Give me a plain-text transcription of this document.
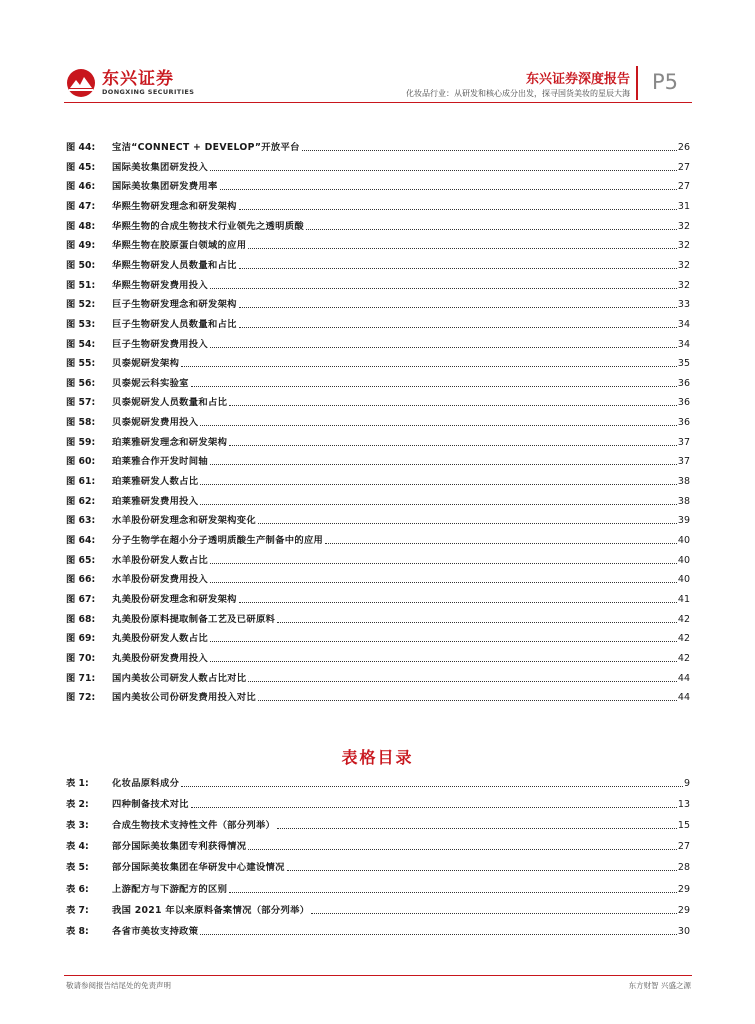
东兴证券
DONGXING SECURITIES
东兴证券深度报告
化妆品行业：从研发和核心成分出发，探寻国货美妆的星辰大海 P5
图 44:	宝洁“CONNECT + DEVELOP”开放平台	26
图 45:	国际美妆集团研发投入	27
图 46:	国际美妆集团研发费用率	27
图 47:	华熙生物研发理念和研发架构	31
图 48:	华熙生物的合成生物技术行业领先之透明质酸	32
图 49:	华熙生物在胶原蛋白领域的应用	32
图 50:	华熙生物研发人员数量和占比	32
图 51:	华熙生物研发费用投入	32
图 52:	巨子生物研发理念和研发架构	33
图 53:	巨子生物研发人员数量和占比	34
图 54:	巨子生物研发费用投入	34
图 55:	贝泰妮研发架构	35
图 56:	贝泰妮云科实验室	36
图 57:	贝泰妮研发人员数量和占比	36
图 58:	贝泰妮研发费用投入	36
图 59:	珀莱雅研发理念和研发架构	37
图 60:	珀莱雅合作开发时间轴	37
图 61:	珀莱雅研发人数占比	38
图 62:	珀莱雅研发费用投入	38
图 63:	水羊股份研发理念和研发架构变化	39
图 64:	分子生物学在超小分子透明质酸生产制备中的应用	40
图 65:	水羊股份研发人数占比	40
图 66:	水羊股份研发费用投入	40
图 67:	丸美股份研发理念和研发架构	41
图 68:	丸美股份原料提取制备工艺及已研原料	42
图 69:	丸美股份研发人数占比	42
图 70:	丸美股份研发费用投入	42
图 71:	国内美妆公司研发人数占比对比	44
图 72:	国内美妆公司份研发费用投入对比	44
表格目录
表 1:	化妆品原料成分	9
表 2:	四种制备技术对比	13
表 3:	合成生物技术支持性文件（部分列举）	15
表 4:	部分国际美妆集团专利获得情况	27
表 5:	部分国际美妆集团在华研发中心建设情况	28
表 6:	上游配方与下游配方的区别	29
表 7:	我国 2021 年以来原料备案情况（部分列举）	29
表 8:	各省市美妆支持政策	30
敬请参阅报告结尾处的免责声明	东方财智 兴盛之源
